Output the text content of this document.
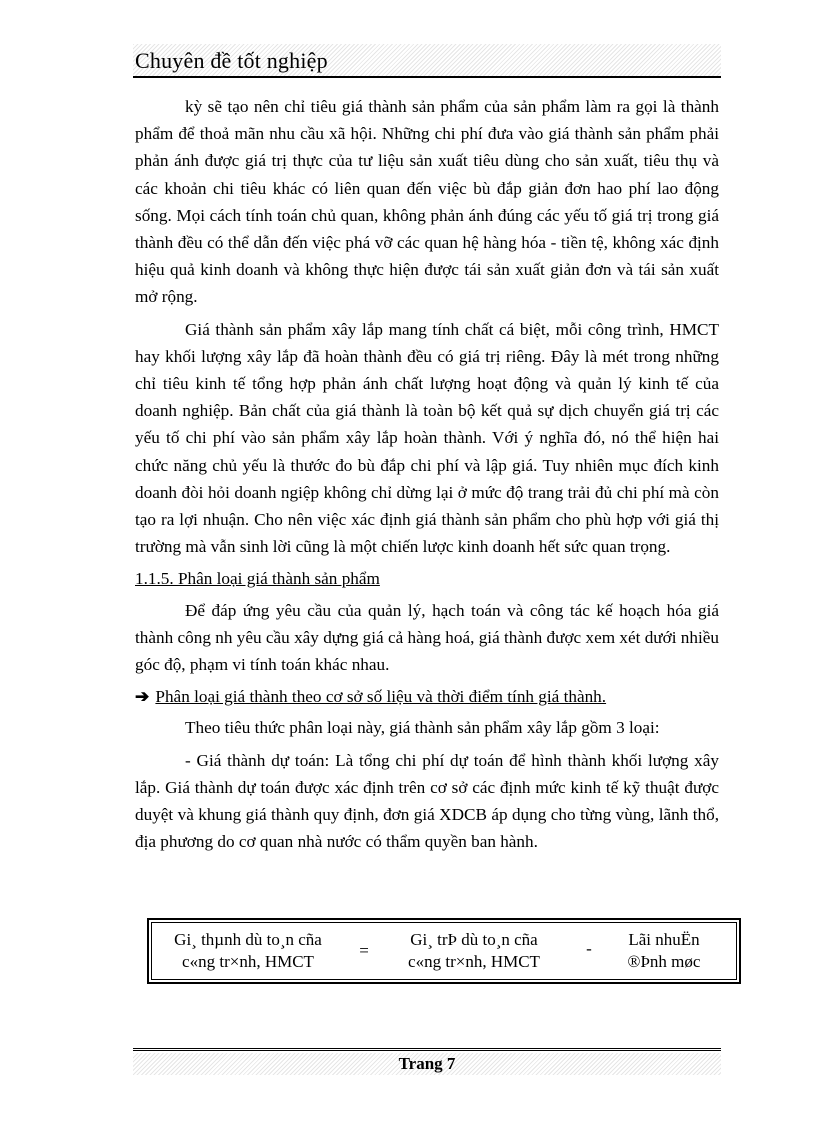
Chuyên đề tốt nghiệp

kỳ sẽ tạo nên chỉ tiêu giá thành sản phẩm của sản phẩm làm ra gọi là thành phẩm để thoả mãn nhu cầu xã hội. Những chi phí đưa vào giá thành sản phẩm phải phản ánh được giá trị thực của tư liệu sản xuất tiêu dùng cho sản xuất, tiêu thụ và các khoản chi tiêu khác có liên quan đến việc bù đắp giản đơn hao phí lao động sống. Mọi cách tính toán chủ quan, không phản ánh đúng các yếu tố giá trị trong giá thành đều có thể dẫn đến việc phá vỡ các quan hệ hàng hóa - tiền tệ, không xác định hiệu quả kinh doanh và không thực hiện được tái sản xuất giản đơn và tái sản xuất mở rộng.

Giá thành sản phẩm xây lắp mang tính chất cá biệt, mỗi công trình, HMCT hay khối lượng xây lắp đã hoàn thành đều có giá trị riêng. Đây là mét trong những chỉ tiêu kinh tế tổng hợp phản ánh chất lượng hoạt động và quản lý kinh tế của doanh nghiệp. Bản chất của giá thành là toàn bộ kết quả sự dịch chuyển giá trị các yếu tố chi phí vào sản phẩm xây lắp hoàn thành. Với ý nghĩa đó, nó thể hiện hai chức năng chủ yếu là thước đo bù đắp chi phí và lập giá. Tuy nhiên mục đích kinh doanh đòi hỏi doanh ngiệp không chỉ dừng lại ở mức độ trang trải đủ chi phí mà còn tạo ra lợi nhuận. Cho nên việc xác định giá thành sản phẩm cho phù hợp với giá thị trường mà vẫn sinh lời cũng là một chiến lược kinh doanh hết sức quan trọng.

1.1.5. Phân loại giá thành sản phẩm

Để đáp ứng yêu cầu của quản lý, hạch toán và công tác kế hoạch hóa giá thành công nh yêu cầu xây dựng giá cả hàng hoá, giá thành được xem xét dưới nhiều góc độ, phạm vi tính toán khác nhau.

➔ Phân loại giá thành theo cơ sở số liệu và thời điểm tính giá thành.

Theo tiêu thức phân loại này, giá thành sản phẩm xây lắp gồm 3 loại:

- Giá thành dự toán: Là tổng chi phí dự toán để hình thành khối lượng xây lắp. Giá thành dự toán được xác định trên cơ sở các định mức kinh tế kỹ thuật được duyệt và khung giá thành quy định, đơn giá XDCB áp dụng cho từng vùng, lãnh thổ, địa phương do cơ quan nhà nước có thẩm quyền ban hành.

Gi¸ thµnh dù to¸n cña
c«ng tr×nh, HMCT
=
Gi¸ trÞ dù to¸n cña
c«ng tr×nh, HMCT
-	Lãi nhuËn
®Þnh møc
Trang 7
